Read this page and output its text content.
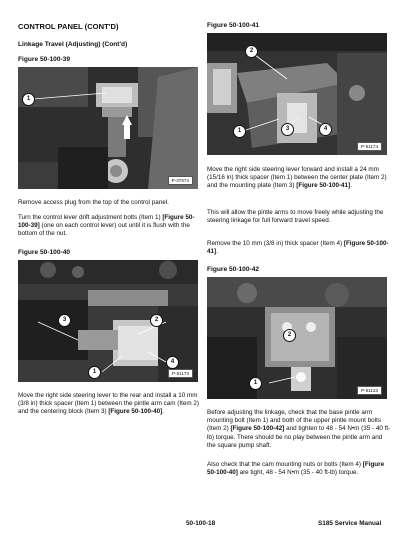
CONTROL PANEL (CONT'D)
Linkage Travel (Adjusting) (Cont'd)
Figure 50-100-39
1
P-37574
Remove access plug from the top of the control panel.
Turn the control lever drift adjustment bolts (Item 1) [Figure 50-100-39] (one on each control lever) out until it is flush with the bottom of the nut.
Figure 50-100-40
3	2
4
1	P-51173
Move the right side steering lever to the rear and install a 10 mm (3/8 in) thick spacer (Item 1) between the pintle arm cam (Item 2) and the centering block (Item 3) [Figure 50-100-40].
Figure 50-100-41
2
1	3	4
P-51174
Move the right side steering lever forward and install a 24 mm (15/16 in) thick spacer (Item 1) between the center plate (Item 2) and the mounting plate (Item 3) [Figure 50-100-41].
This will allow the pintle arms to move freely while adjusting the steering linkage for full forward travel speed.
Remove the 10 mm (3/8 in) thick spacer (Item 4) [Figure 50-100-41].
Figure 50-100-42
2
1
P-51133
Before adjusting the linkage, check that the base pintle arm mounting bolt (Item 1) and both of the upper pintle mount bolts (Item 2) [Figure 50-100-42] and tighten to 48 - 54 N•m (35 - 40 ft-lb) torque. There should be no play between the pintle arm and the square pump shaft.
Also check that the cam mounting nuts or bolts (Item 4) [Figure 50-100-40] are tight, 48 - 54 N•m (35 - 40 ft-lb) torque.
50-100-18	S185 Service Manual
